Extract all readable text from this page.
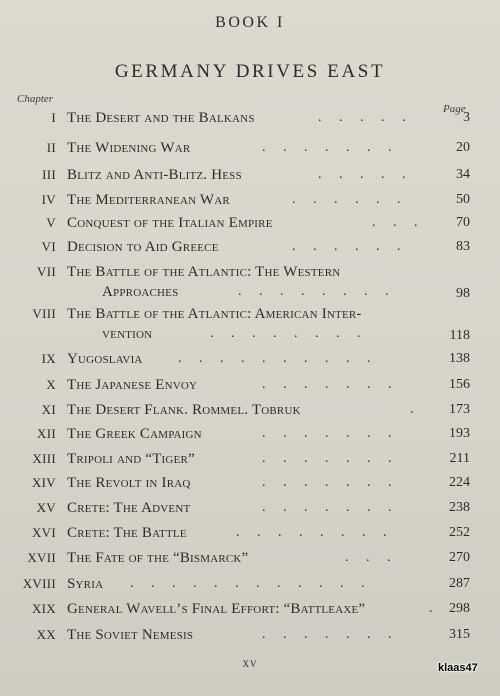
BOOK I
GERMANY DRIVES EAST
Chapter
Page
I The Desert and the Balkans	.     .     .     .     .	3
II The Widening War	.     .     .     .     .     .     .	20
III Blitz and Anti-Blitz. Hess	.     .     .     .     .	34
IV The Mediterranean War	.     .     .     .     .     .	50
V Conquest of the Italian Empire	.     .     .	70
VI Decision to Aid Greece	.     .     .     .     .     .	83
VII The Battle of the Atlantic: The Western
Approaches	.     .     .     .     .     .     .     .	98
VIII The Battle of the Atlantic: American Inter-
vention	.     .     .     .     .     .     .     .	118
IX Yugoslavia	.     .     .     .     .     .     .     .     .     .	138
X The Japanese Envoy	.     .     .     .     .     .     .	156
XI The Desert Flank. Rommel. Tobruk	.	173
XII The Greek Campaign	.     .     .     .     .     .     .	193
XIII Tripoli and “Tiger”	.     .     .     .     .     .     .	211
XIV The Revolt in Iraq	.     .     .     .     .     .     .	224
XV Crete: The Advent	.     .     .     .     .     .     .	238
XVI Crete: The Battle	.     .     .     .     .     .     .     .	252
XVII The Fate of the “Bismarck”	.     .     .	270
XVIII Syria .     .     .     .     .     .     .     .     .     .     .     .	287
XIX General Wavell’s Final Effort: “Battleaxe”	. 298
XX The Soviet Nemesis	.     .     .     .     .     .     .	315
xv	klaas47
